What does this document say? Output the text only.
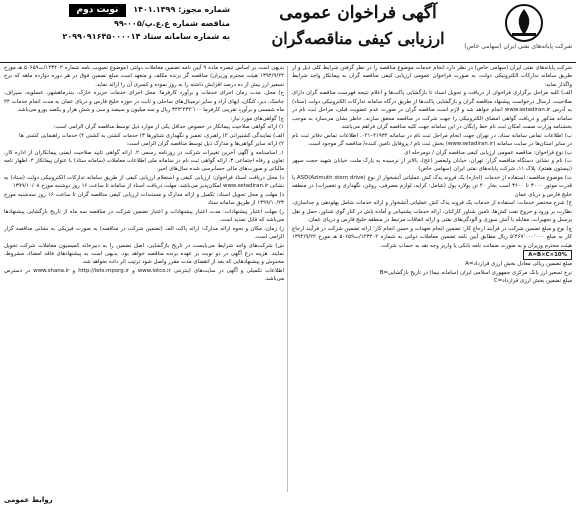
شرکت پایانه‌های نفتی ایران (سهامی خاص)
آگهی فراخوان عمومی
ارزیابی کیفی مناقصه‌گران
شماره مجوز: ۱۴۰۱.۱۳۹۹ نوبت دوم
مناقصه شماره ع.ع.پ/۰۰۵-۹۹
به شماره سامانه ستاد ۲۰۹۹۰۹۱۶۴۵۰۰۰۰۱۴

شرکت پایانه‌های نفتی ایران (سهامی خاص) در نظر دارد انجام خدمات موضوع مناقصه را در نظر گرفتن شرایط کلی ذیل و از طریق سامانه تدارکات الکترونیکی دولت، به صورت فراخوان عمومی ارزیابی کیفی مناقصه گران به پیمانکار واجد شرایط واگذار نماید:

الف) کلیه مراحل برگزاری فراخوان از دریافت و تحویل اسناد تا بازگشایی پاکت‌ها و اعلام نتیجه فهرست مناقصه گران دارای صلاحیت، ارسال درخواست پیشنهاد مناقصه گران و بازگشایی پاکت‌ها از طریق درگاه سامانه تدارکات الکترونیکی دولت (ستاد) به آدرس www.setadiran.ir انجام خواهد شد و لازم است مناقصه گران در صورت عدم عضویت قبلی، مراحل ثبت نام در سامانه مذکور و دریافت گواهی امضای الکترونیکی را جهت شرکت در مناقصه محقق سازند. خاطر نشان می‌سازد به موجب بخشنامه وزارت صمت امکان ثبت نام خط رایگان در این سامانه جهت کلیه مناقصه گران فراهم می‌باشد.

ب) اطلاعات تماس سامانه ستاد، در تهران جهت انجام مراحل ثبت نام در سامانه ۴۱۹۳۴–۰۲۱، اطلاعات تماس دفاتر ثبت نام در سایر استان‌ها در سایت سامانه (www.setadiran.ir) بخش ثبت نام / پروفایل تامین کننده/ مناقصه گر موجود است.

پ) نوع فراخوان: مناقصه عمومی ارزیابی کیفی مناقصه گران / دومرحله ای

ت) نام و نشانی دستگاه مناقصه گزار: تهران، خیابان ولیعصر (عج)، بالاتر از نرسیده به پارک ملت، خیابان شهید حجت سپهر (بیستون هفتم)، پلاک ۱۱، شرکت پایانه‌های نفتی ایران (سهامی خاص)

ث) موضوع مناقصه: استفاده از خدمات (اجاره) یک فروند یدک کش عملیاتی آتشخوار از نوع ASD(Azimuth stern drive) با قدرت موتور ۳۰۰۰ تا ۳۶۰۰ اسب بخار ۴۰ تن بولارد پول (شامل: کرایه، لوازم مصرفی، روغن، نگهداری و تعمیرات) در منطقه خلیج فارس و دریای عمان

ج) شرح مختصر خدمات: استفاده از خدمات یک فروند یدک کش عملیاتی آتشخوار و ارائه خدمات شامل پهلودهی و جداسازی، نظارت بر ورود و خروج نفت کش‌ها، تامین شناور کارکنان، ارائه خدمات پشتیبانی و آماده باش در کنار گوی شناور، حمل و نقل پرسنل و تجهیزات، مقابله با آتش سوزی و آلودگی‌های نفتی و ارائه اتفاقات مرتبط در منطقه خلیج فارس و دریای عمان.

چ) نوع و مبلغ تضمین شرکت در فرآیند ارجاع کار: تضمین انجام تعهدات و حسن انجام کار؛ ارائه تضمین شرکت در فرآیند ارجاع کار به مبلغ ۵٬۴۶۷٬۰۰۰٬۰۰۰ ریال مطابق آیین نامه تضمین معاملات دولتی به شماره ۱۲۳۴۰۲/ت۵۰۶۵۹ هـ مورخ ۱۳۹۴/۹/۲۲ هیئت محترم وزیران و به صورت ضمانت نامه بانکی یا واریز وجه نقد به حساب شرکت.

A=B×C×10%

مبلغ تضمین ریالی معادل بخش ارزی قرارداد=A

نرخ تسعیر ارز بانک مرکزی جمهوری اسلامی ایران (سامانه نیما) در تاریخ بازگشایی=B

مبلغ تضمین بخش ارزی قرارداد=C

بدیهی است بر اساس تبصره ماده ۹ آیین نامه تضمین معاملات دولتی (موضوع تصویب نامه شماره ۱۲۳۴۰۲/ت۵۰۶۵۹ هـ مورخ ۱۳۹۴/۹/۲۲ هیئت محترم وزیران) مناقصه گر برنده مکلف و متعهد است مبلغ تضمین فوق در هر دوره دوازده ماهه که نرخ تسعیر ارز بیش از ده درصد افزایش داشته را به روز نموده و کسری آن را ارائه نماید.

ح) محل، مدت زمان اجرای خدمات و برآورد کارفرما: محل اجرای خدمات جزیره خارک، بندرماهشهر، عسلویه، سیراف، جاسک، دیر، کنگان، ایهای آزاد و سایر ترمینال‌های ساحلی و ثابت در حوزه خلیج فارس و دریای عمان به مدت انجام خدمات ۲۴ ماه شمسی و برآورد تقریبی کارفرما ۳۴۳٬۴۳۲٬۱۰۰ ریال و سه میلیون و سیصد و سی و شش هزار و یکصد یورو می‌باشد.

خ) گواهی‌های مورد نیاز:

۱) ارائه گواهی صلاحیت پیمانکار در خصوص حداقل یکی از موارد ذیل توسط مناقصه گران الزامی است:

الف) نمایندگی کشتیرانی ۲) راهبری، تعمیر و نگهداری شناورها ۳) خدمات کشتی به کشتی ۴) خدمات راهنمایی کشتی ها

۲) ارائه سایر گواهی‌ها و مدارک ذیل توسط مناقصه گران الزامی است:

۱. اساسنامه و آگهی آخرین تغییرات شرکت در روزنامه رسمی ۲. ارائه گواهی تایید صلاحیت ایمنی پیمانکاران از اداره کار، تعاون و رفاه اجتماعی ۳. ارائه گواهی ثبت نام در سامانه ملی اطلاعات معاملات (سامانه ستاد) با عنوان پیمانکار ۴. اظهار نامه مالیاتی و صورت‌های مالی حسابرسی شده سال‌های اخیر.

د) محل دریافت اسناد فراخوان: ارزیابی کیفی و استعلام ارزیابی کیفی از طریق سامانه تدارکات الکترونیکی دولت (ستاد) به نشانی www.setadiran.ir امکان‌پذیر می‌باشد. مهلت دریافت اسناد از سامانه تا ساعت ۱۶ روز دوشنبه مورخ ۱۳۹۹/۱۰/۰۸

ذ) مهلت و محل تحویل اسناد: تکمیل و ارائه مدارک و مستندات ارزیابی کیفی مناقصه گران تا ساعت ۱۶ روز سه‌شنبه مورخ ۱۳۹۹/۱۰/۲۳ از طریق سامانه ستاد

ر) مهلت اعتبار پیشنهادات: مدت اعتبار پیشنهادات و اعتبار تضمین شرکت در مناقصه سه ماه از تاریخ بازگشایی پیشنهادها می‌باشد که قابل تمدید است.

ز) زمان، مکان و نحوه ارائه مدارک: ارائه پاکت الف (تضمین شرکت در مناقصه) به صورت فیزیکی به نشانی مناقصه گزار الزامی است.

ش) شرکت‌های واجد شرایط می‌بایست در تاریخ بازگشایی، اصل تضمین را به دبیرخانه کمیسیون معاملات شرکت تحویل نمایند. هزینه درج آگهی در دو نوبت بر عهده برنده مناقصه خواهد بود. بدیهی است به پیشنهادهای فاقد امضاء، مشروط، مخدوش و پیشنهادهایی که بعد از انقضای مدت مقرر واصل شود ترتیب اثر داده نخواهد شد.

اطلاعات تکمیلی و آگهی در سایت‌های اینترنتی www.iotco.ir و http://iets.mporg.ir و www.shana.ir در دسترس می‌باشد.

روابط عمومی
